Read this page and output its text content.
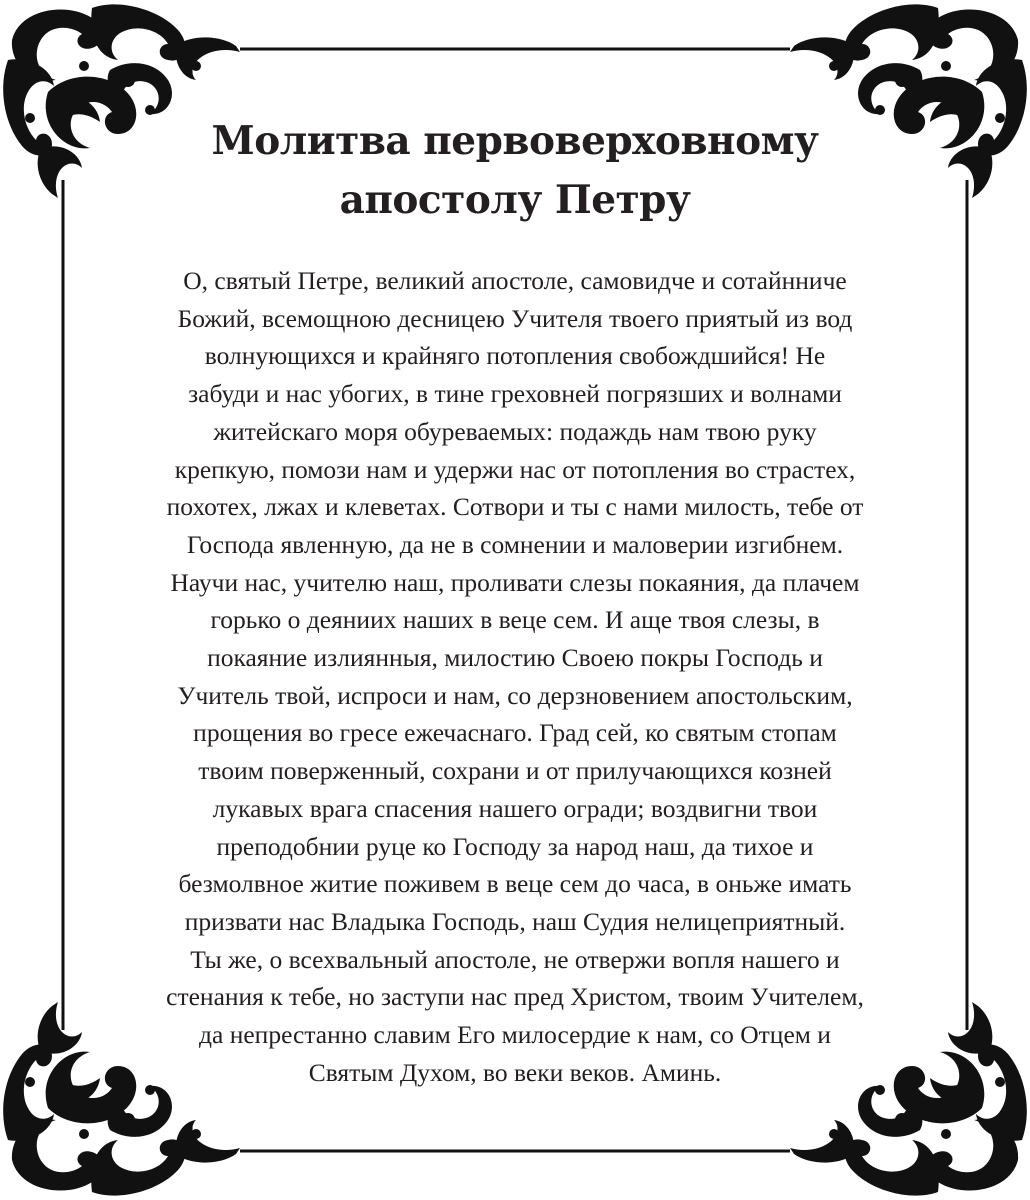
Молитва первоверховному
апостолу Петру
О, святый Петре, великий апостоле, самовидче и сотайнниче
Божий, всемощною десницею Учителя твоего приятый из вод
волнующихся и крайняго потопления свобождшийся! Не
забуди и нас убогих, в тине греховней погрязших и волнами
житейскаго моря обуреваемых: подаждь нам твою руку
крепкую, помози нам и удержи нас от потопления во страстех,
похотех, лжах и клеветах. Сотвори и ты с нами милость, тебе от
Господа явленную, да не в сомнении и маловерии изгибнем.
Научи нас, учителю наш, проливати слезы покаяния, да плачем
горько о деяниих наших в веце сем. И аще твоя слезы, в
покаяние излиянныя, милостию Своею покры Господь и
Учитель твой, испроси и нам, со дерзновением апостольским,
прощения во гресе ежечаснаго. Град сей, ко святым стопам
твоим поверженный, сохрани и от прилучающихся козней
лукавых врага спасения нашего огради; воздвигни твои
преподобнии руце ко Господу за народ наш, да тихое и
безмолвное житие поживем в веце сем до часа, в оньже имать
призвати нас Владыка Господь, наш Судия нелицеприятный.
Ты же, о всехвальный апостоле, не отвержи вопля нашего и
стенания к тебе, но заступи нас пред Христом, твоим Учителем,
да непрестанно славим Его милосердие к нам, со Отцем и
Святым Духом, во веки веков. Аминь.
